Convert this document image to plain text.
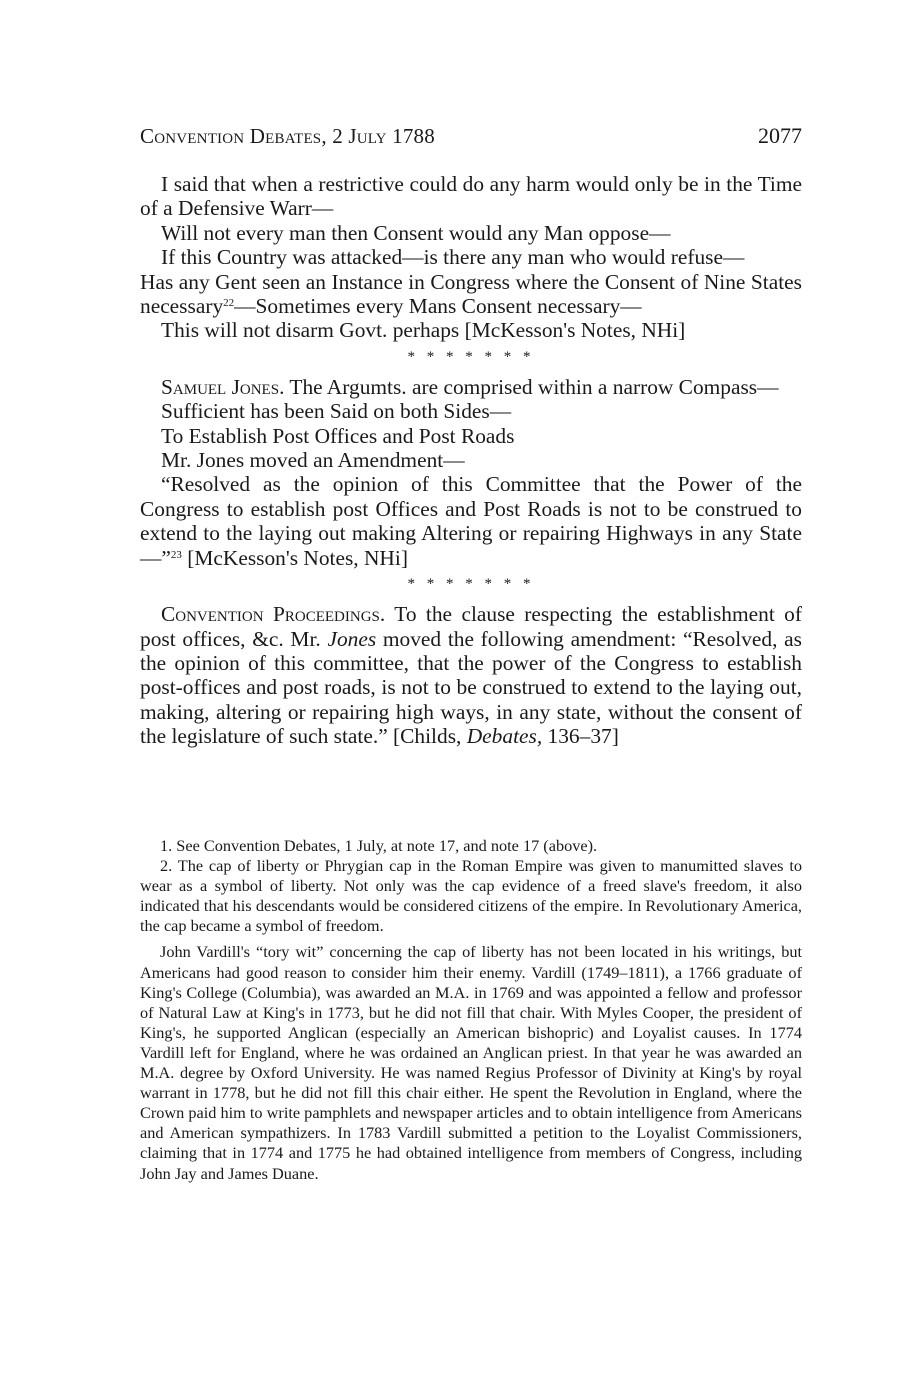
Convention Debates, 2 July 1788	2077

I said that when a restrictive could do any harm would only be in the Time of a Defensive Warr—

Will not every man then Consent would any Man oppose—

If this Country was attacked—is there any man who would refuse—

Has any Gent seen an Instance in Congress where the Consent of Nine States necessary$^{22}$—Sometimes every Mans Consent necessary—

This will not disarm Govt. perhaps [McKesson's Notes, NHi]

* * * * * * *

Samuel Jones. The Argumts. are comprised within a narrow Compass—

Sufficient has been Said on both Sides—

To Establish Post Offices and Post Roads

Mr. Jones moved an Amendment—

“Resolved as the opinion of this Committee that the Power of the Congress to establish post Offices and Post Roads is not to be construed to extend to the laying out making Altering or repairing Highways in any State—”$^{23}$ [McKesson's Notes, NHi]

* * * * * * *

Convention Proceedings. To the clause respecting the establishment of post offices, &c. Mr. Jones moved the following amendment: “Resolved, as the opinion of this committee, that the power of the Congress to establish post-offices and post roads, is not to be construed to extend to the laying out, making, altering or repairing high ways, in any state, without the consent of the legislature of such state.” [Childs, Debates, 136–37]

1. See Convention Debates, 1 July, at note 17, and note 17 (above).

2. The cap of liberty or Phrygian cap in the Roman Empire was given to manumitted slaves to wear as a symbol of liberty. Not only was the cap evidence of a freed slave's freedom, it also indicated that his descendants would be considered citizens of the empire. In Revolutionary America, the cap became a symbol of freedom.

John Vardill's “tory wit” concerning the cap of liberty has not been located in his writings, but Americans had good reason to consider him their enemy. Vardill (1749–1811), a 1766 graduate of King's College (Columbia), was awarded an M.A. in 1769 and was appointed a fellow and professor of Natural Law at King's in 1773, but he did not fill that chair. With Myles Cooper, the president of King's, he supported Anglican (especially an American bishopric) and Loyalist causes. In 1774 Vardill left for England, where he was ordained an Anglican priest. In that year he was awarded an M.A. degree by Oxford University. He was named Regius Professor of Divinity at King's by royal warrant in 1778, but he did not fill this chair either. He spent the Revolution in England, where the Crown paid him to write pamphlets and newspaper articles and to obtain intelligence from Americans and American sympathizers. In 1783 Vardill submitted a petition to the Loyalist Commissioners, claiming that in 1774 and 1775 he had obtained intelligence from members of Congress, including John Jay and James Duane.
